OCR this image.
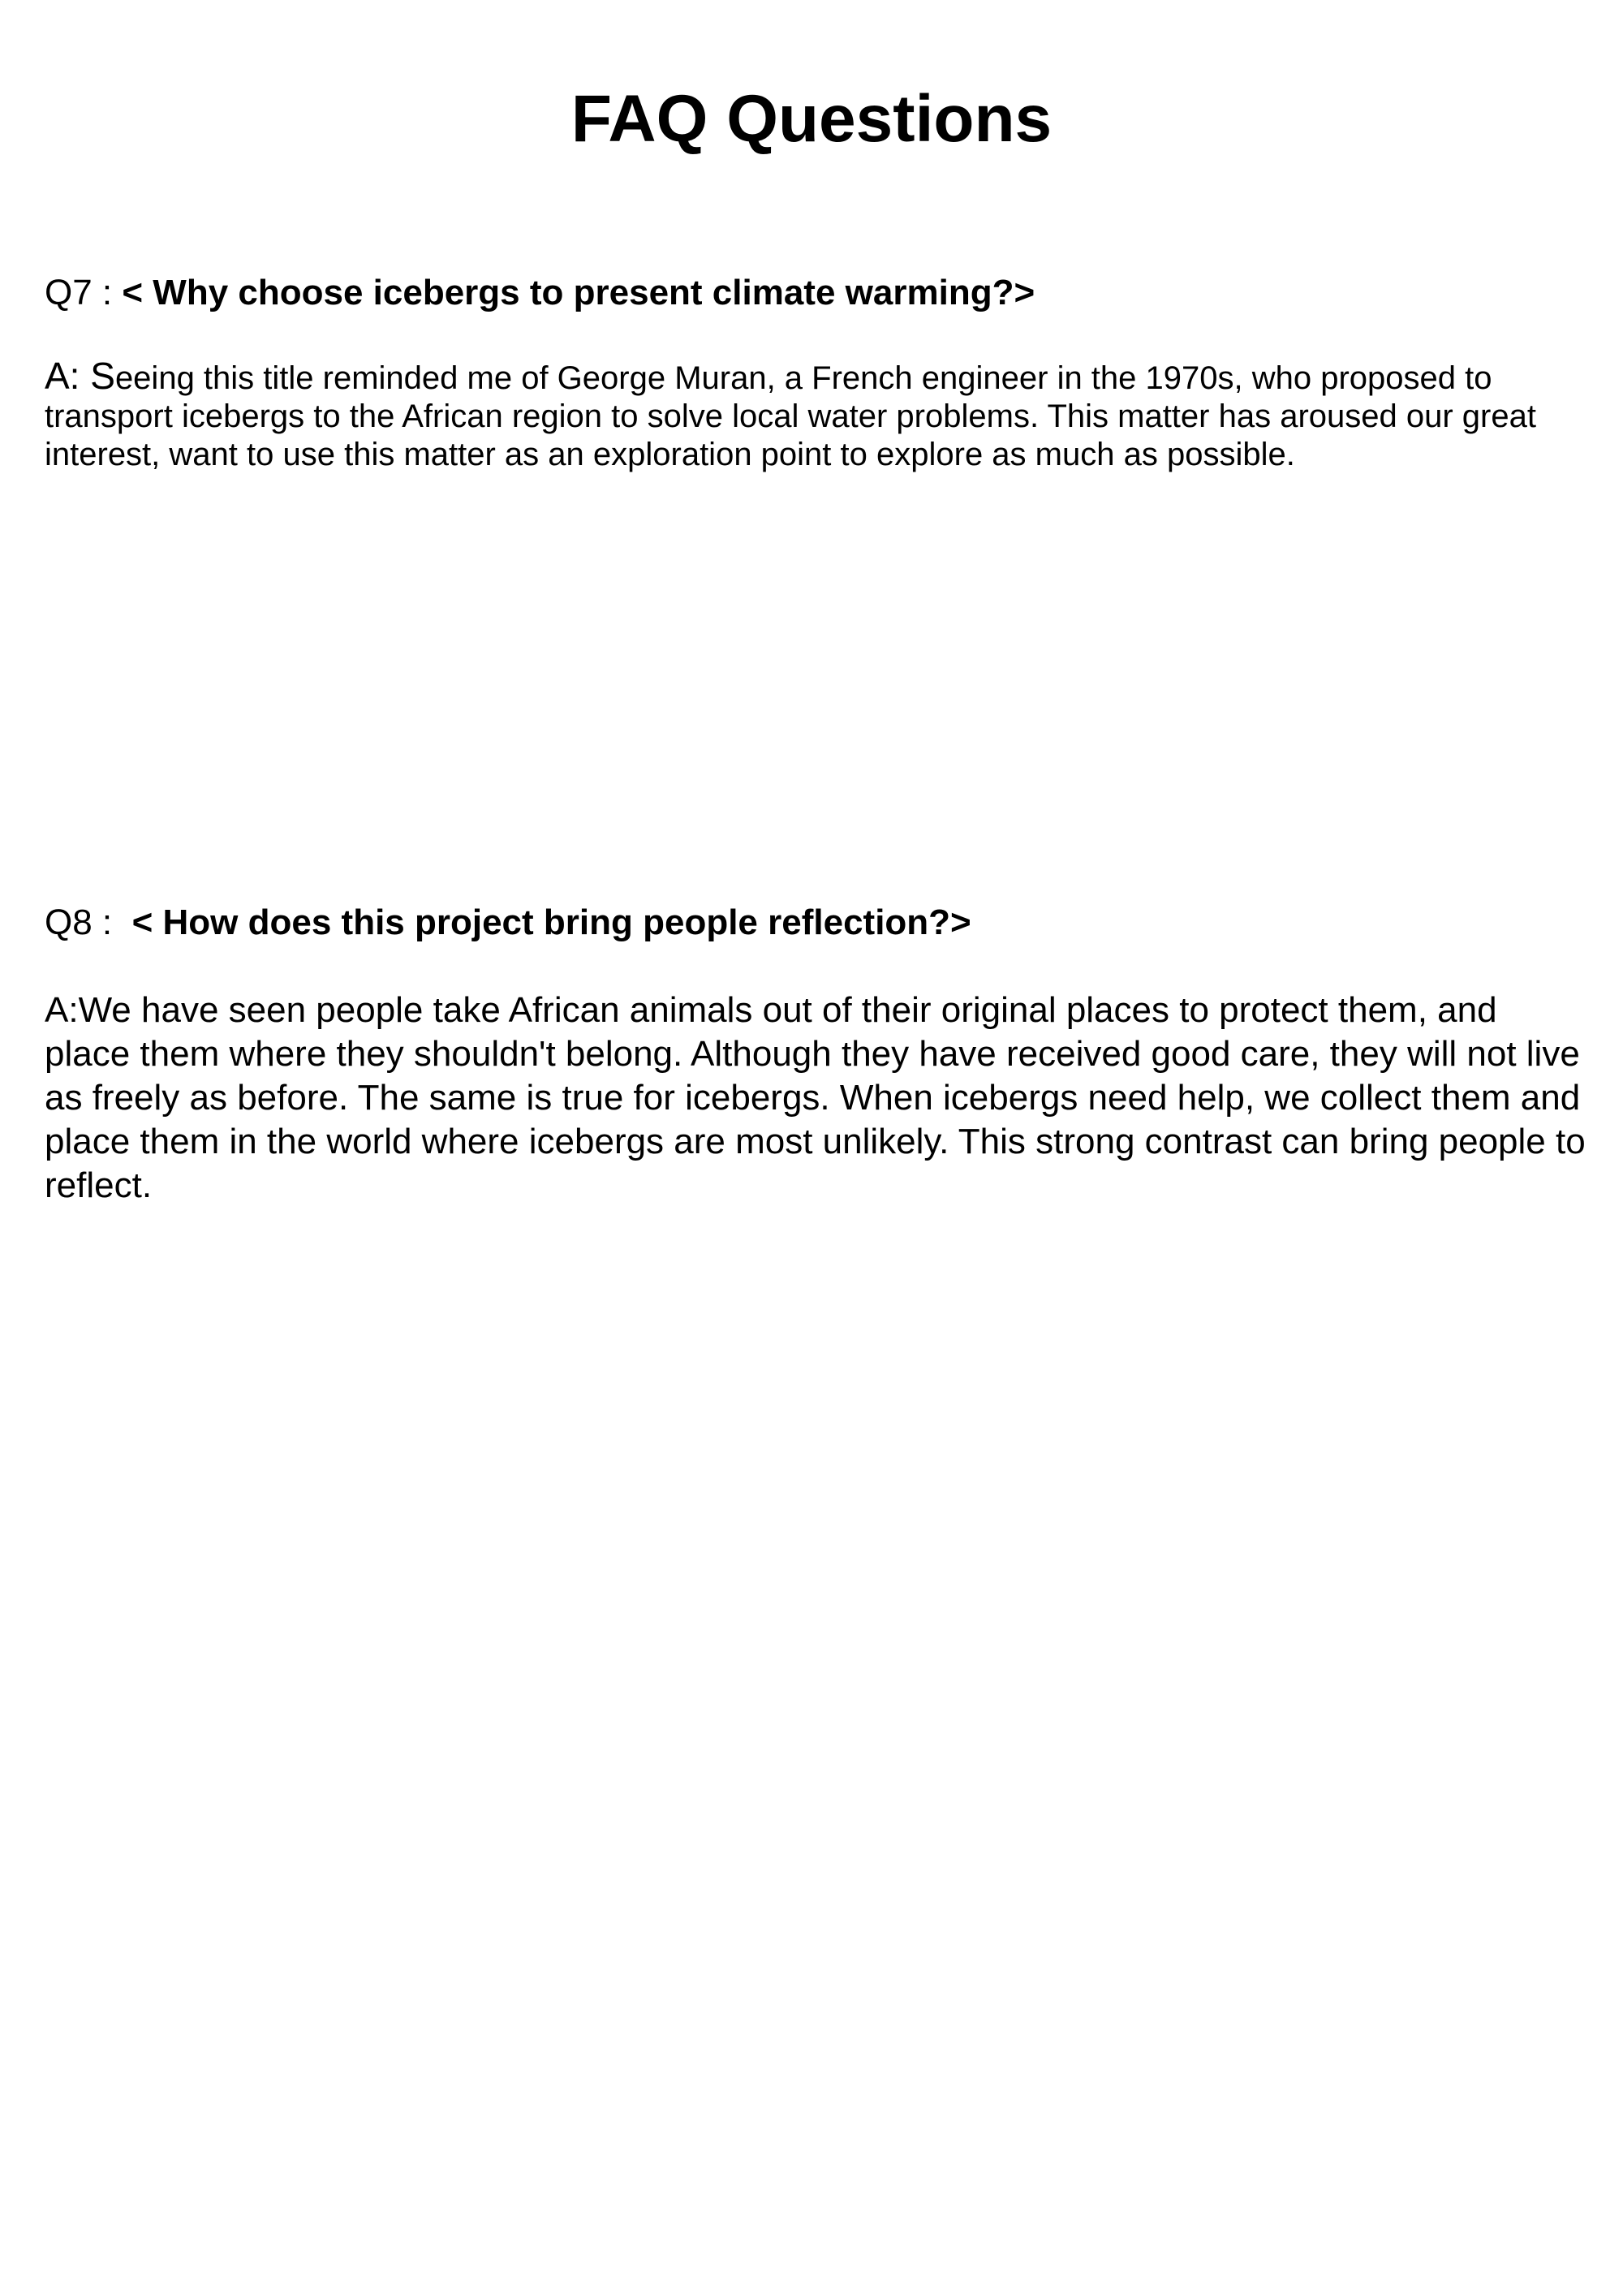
FAQ Questions
Q7 : < Why choose icebergs to present climate warming?>

A: Seeing this title reminded me of George Muran, a French engineer in the 1970s, who proposed to transport icebergs to the African region to solve local water problems. This matter has aroused our great interest, want to use this matter as an exploration point to explore as much as possible.

Q8 :  < How does this project bring people reflection?>

A:We have seen people take African animals out of their original places to protect them, and place them where they shouldn't belong. Although they have received good care, they will not live as freely as before. The same is true for icebergs. When icebergs need help, we collect them and place them in the world where icebergs are most unlikely. This strong contrast can bring people to reflect.
